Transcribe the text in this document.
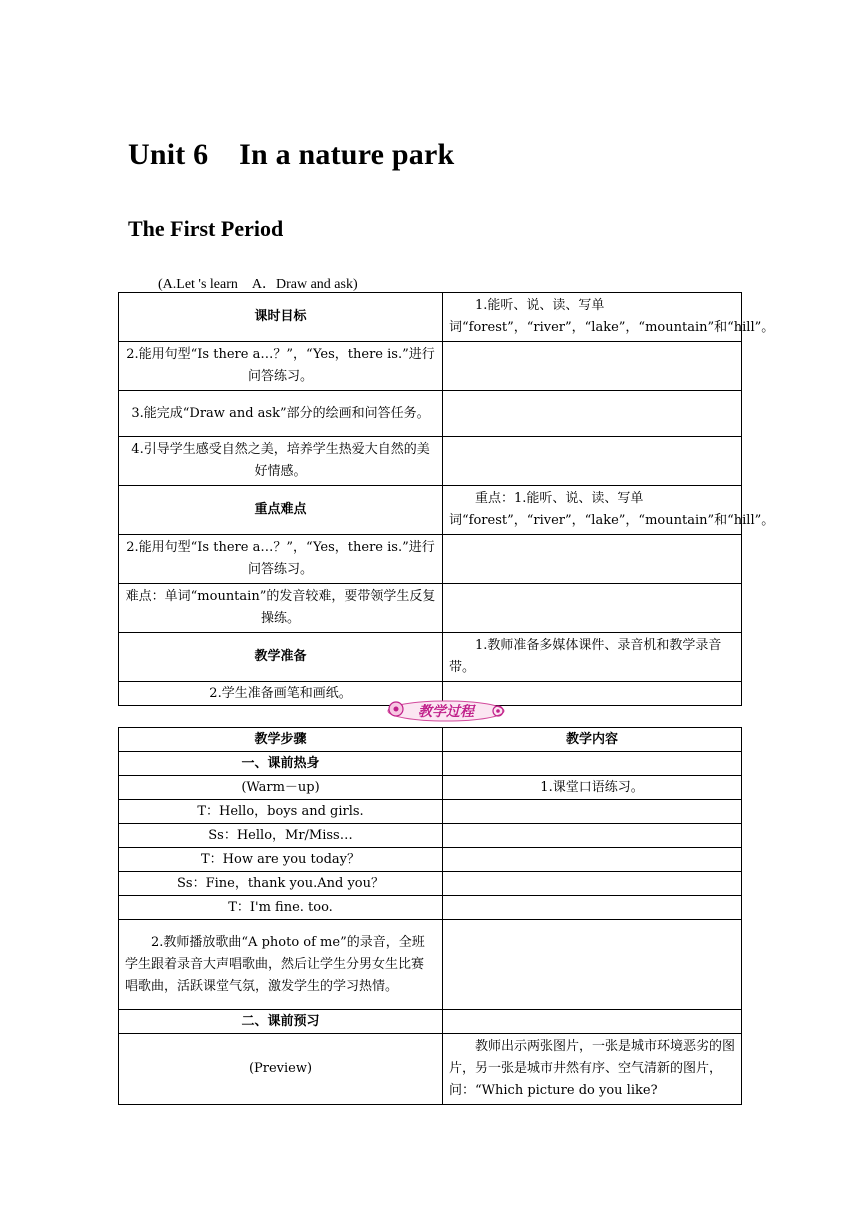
Unit 6    In a nature park
The First Period
(A.Let 's learn    A．Draw and ask)
课时目标	1.能听、说、读、写单词“forest”，“river”，“lake”，“mountain”和“hill”。
2.能用句型“Is there a…？”，“Yes，there is.”进行问答练习。	
3.能完成“Draw and ask”部分的绘画和问答任务。	
4.引导学生感受自然之美，培养学生热爱大自然的美好情感。	
重点难点	重点：1.能听、说、读、写单词“forest”，“river”，“lake”，“mountain”和“hill”。
2.能用句型“Is there a…？”，“Yes，there is.”进行问答练习。	
难点：单词“mountain”的发音较难，要带领学生反复操练。	
教学准备	1.教师准备多媒体课件、录音机和教学录音带。
2.学生准备画笔和画纸。	
教学过程
教学步骤	教学内容
一、课前热身	
(Warm－up)	1.课堂口语练习。
T：Hello，boys and girls.	
Ss：Hello，Mr/Miss…	
T：How are you today？	
Ss：Fine，thank you.And you？	
T：I'm fine. too.	
2.教师播放歌曲“A photo of me”的录音，全班学生跟着录音大声唱歌曲，然后让学生分男女生比赛唱歌曲，活跃课堂气氛，激发学生的学习热情。	
二、课前预习	
(Preview)	教师出示两张图片，一张是城市环境恶劣的图片，另一张是城市井然有序、空气清新的图片，问：“Which picture do you like?
